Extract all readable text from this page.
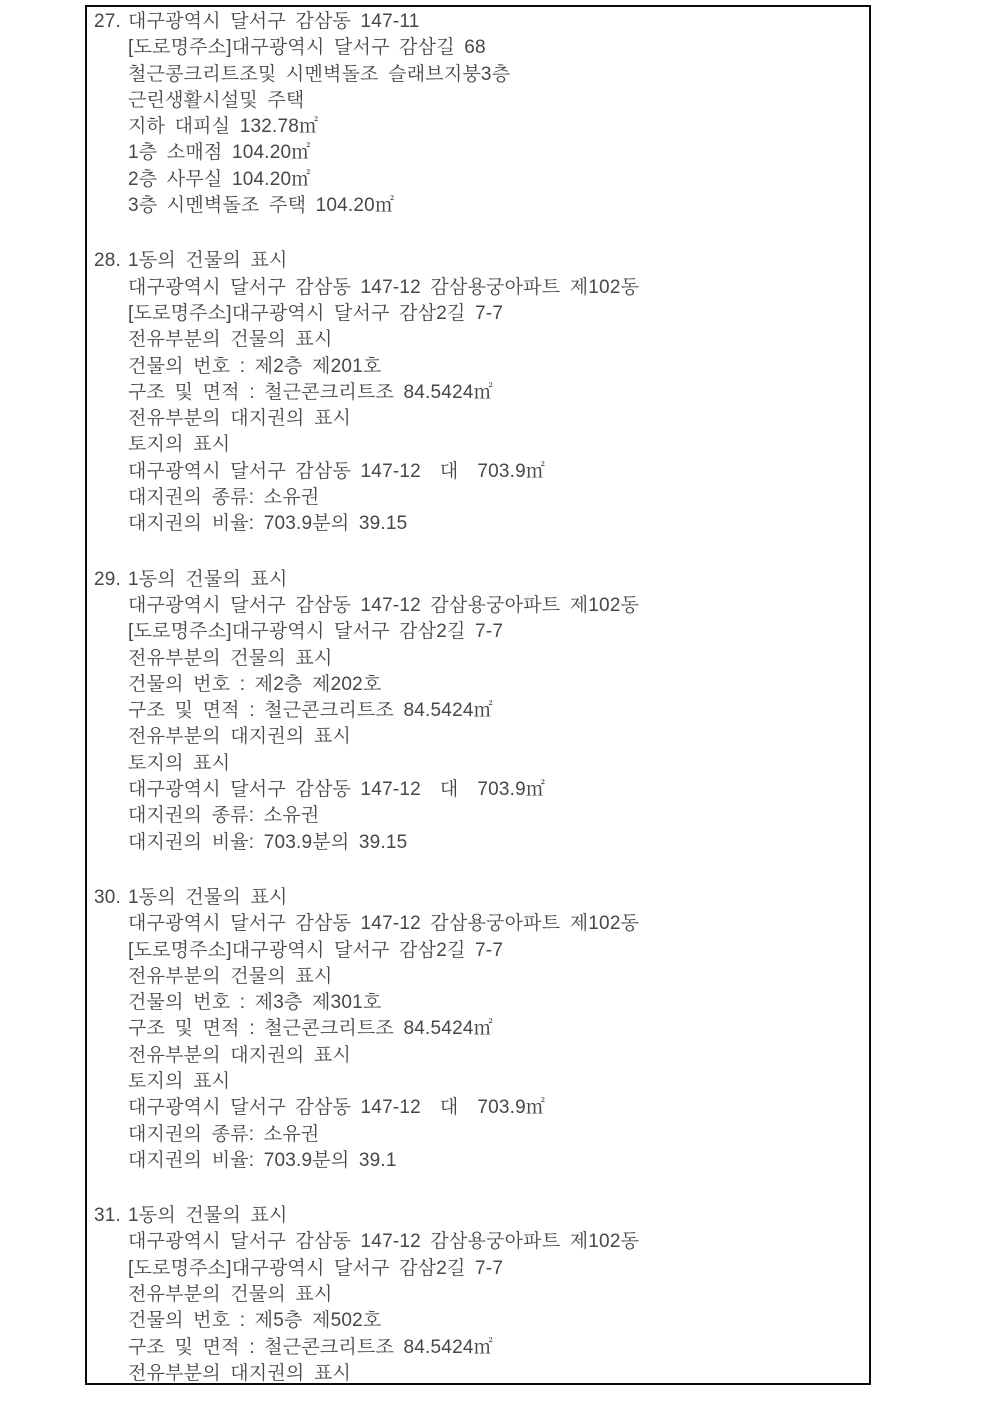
27. 대구광역시 달서구 감삼동 147-11
[도로명주소]대구광역시 달서구 감삼길 68
철근콩크리트조및 시멘벽돌조 슬래브지붕3층
근린생활시설및 주택
지하 대피실 132.78㎡
1층 소매점 104.20㎡
2층 사무실 104.20㎡
3층 시멘벽돌조 주택 104.20㎡
28. 1동의 건물의 표시
대구광역시 달서구 감삼동 147-12 감삼용궁아파트 제102동
[도로명주소]대구광역시 달서구 감삼2길 7-7
전유부분의 건물의 표시
건물의 번호 : 제2층 제201호
구조 및 면적 : 철근콘크리트조 84.5424㎡
전유부분의 대지권의 표시
토지의 표시
대구광역시 달서구 감삼동 147-12  대  703.9㎡
대지권의 종류: 소유권
대지권의 비율: 703.9분의 39.15
29. 1동의 건물의 표시
대구광역시 달서구 감삼동 147-12 감삼용궁아파트 제102동
[도로명주소]대구광역시 달서구 감삼2길 7-7
전유부분의 건물의 표시
건물의 번호 : 제2층 제202호
구조 및 면적 : 철근콘크리트조 84.5424㎡
전유부분의 대지권의 표시
토지의 표시
대구광역시 달서구 감삼동 147-12  대  703.9㎡
대지권의 종류: 소유권
대지권의 비율: 703.9분의 39.15
30. 1동의 건물의 표시
대구광역시 달서구 감삼동 147-12 감삼용궁아파트 제102동
[도로명주소]대구광역시 달서구 감삼2길 7-7
전유부분의 건물의 표시
건물의 번호 : 제3층 제301호
구조 및 면적 : 철근콘크리트조 84.5424㎡
전유부분의 대지권의 표시
토지의 표시
대구광역시 달서구 감삼동 147-12  대  703.9㎡
대지권의 종류: 소유권
대지권의 비율: 703.9분의 39.1
31. 1동의 건물의 표시
대구광역시 달서구 감삼동 147-12 감삼용궁아파트 제102동
[도로명주소]대구광역시 달서구 감삼2길 7-7
전유부분의 건물의 표시
건물의 번호 : 제5층 제502호
구조 및 면적 : 철근콘크리트조 84.5424㎡
전유부분의 대지권의 표시
